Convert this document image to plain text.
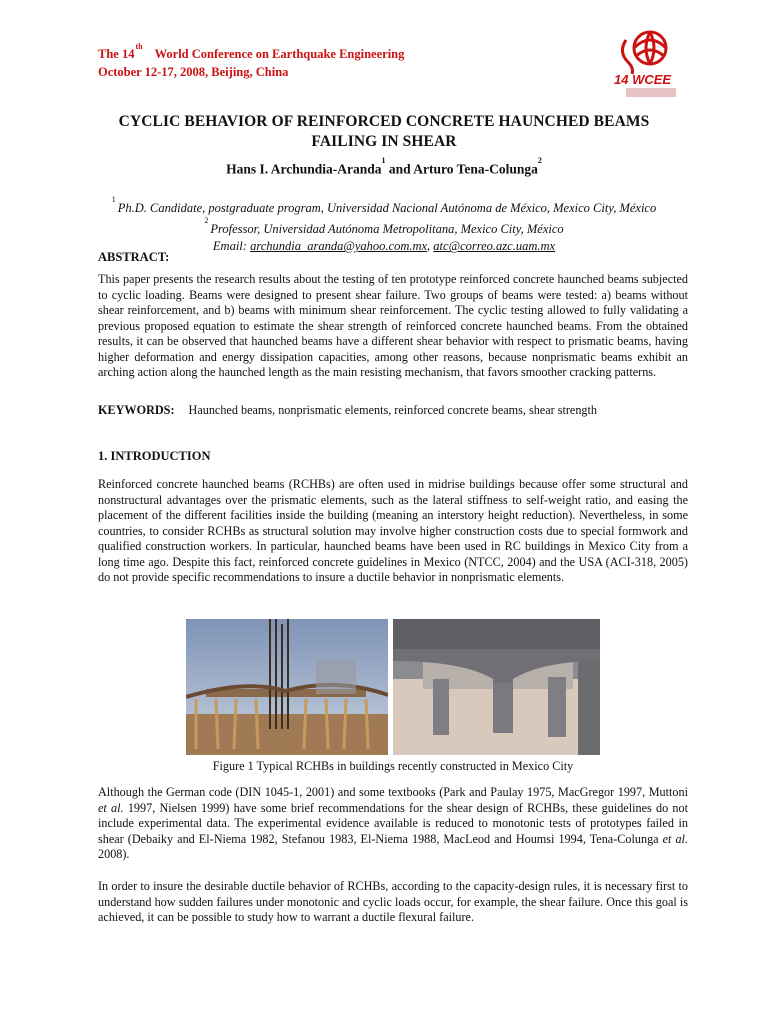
The 14thWorld Conference on Earthquake Engineering
October 12-17, 2008, Beijing, China	14 WCEE
CYCLIC BEHAVIOR OF REINFORCED CONCRETE HAUNCHED BEAMS
FAILING IN SHEAR
Hans I. Archundia-Aranda$^1$ and Arturo Tena-Colunga$^2$
$^1$Ph.D. Candidate, postgraduate program, Universidad Nacional Autónoma de México, Mexico City, México
$^2$Professor, Universidad Autónoma Metropolitana, Mexico City, México
Email: archundia_aranda@yahoo.com.mx, atc@correo.azc.uam.mx
ABSTRACT:
This paper presents the research results about the testing of ten prototype reinforced concrete haunched beams subjected to cyclic loading. Beams were designed to present shear failure. Two groups of beams were tested: a) beams without shear reinforcement, and b) beams with minimum shear reinforcement. The cyclic testing allowed to fully validating a previous proposed equation to estimate the shear strength of reinforced concrete haunched beams. From the obtained results, it can be observed that haunched beams have a different shear behavior with respect to prismatic beams, having higher deformation and energy dissipation capacities, among other reasons, because nonprismatic beams exhibit an arching action along the haunched length as the main resisting mechanism, that favors smoother cracking patterns.
KEYWORDS: Haunched beams, nonprismatic elements, reinforced concrete beams, shear strength
1. INTRODUCTION
Reinforced concrete haunched beams (RCHBs) are often used in midrise buildings because offer some structural and nonstructural advantages over the prismatic elements, such as the lateral stiffness to self-weight ratio, and easing the placement of the different facilities inside the building (meaning an interstory height reduction). Nevertheless, in some countries, to consider RCHBs as structural solution may involve higher construction costs due to special formwork and qualified construction workers. In particular, haunched beams have been used in RC buildings in Mexico City from a long time ago. Despite this fact, reinforced concrete guidelines in Mexico (NTCC, 2004) and the USA (ACI-318, 2005) do not provide specific recommendations to insure a ductile behavior in nonprismatic elements.
Figure 1 Typical RCHBs in buildings recently constructed in Mexico City
Although the German code (DIN 1045-1, 2001) and some textbooks (Park and Paulay 1975, MacGregor 1997, Muttoni et al. 1997, Nielsen 1999) have some brief recommendations for the shear design of RCHBs, these guidelines do not include experimental data. The experimental evidence available is reduced to monotonic tests of prototypes failed in shear (Debaiky and El-Niema 1982, Stefanou 1983, El-Niema 1988, MacLeod and Houmsi 1994, Tena-Colunga et al. 2008).
In order to insure the desirable ductile behavior of RCHBs, according to the capacity-design rules, it is necessary first to understand how sudden failures under monotonic and cyclic loads occur, for example, the shear failure. Once this goal is achieved, it can be possible to study how to warrant a ductile flexural failure.
